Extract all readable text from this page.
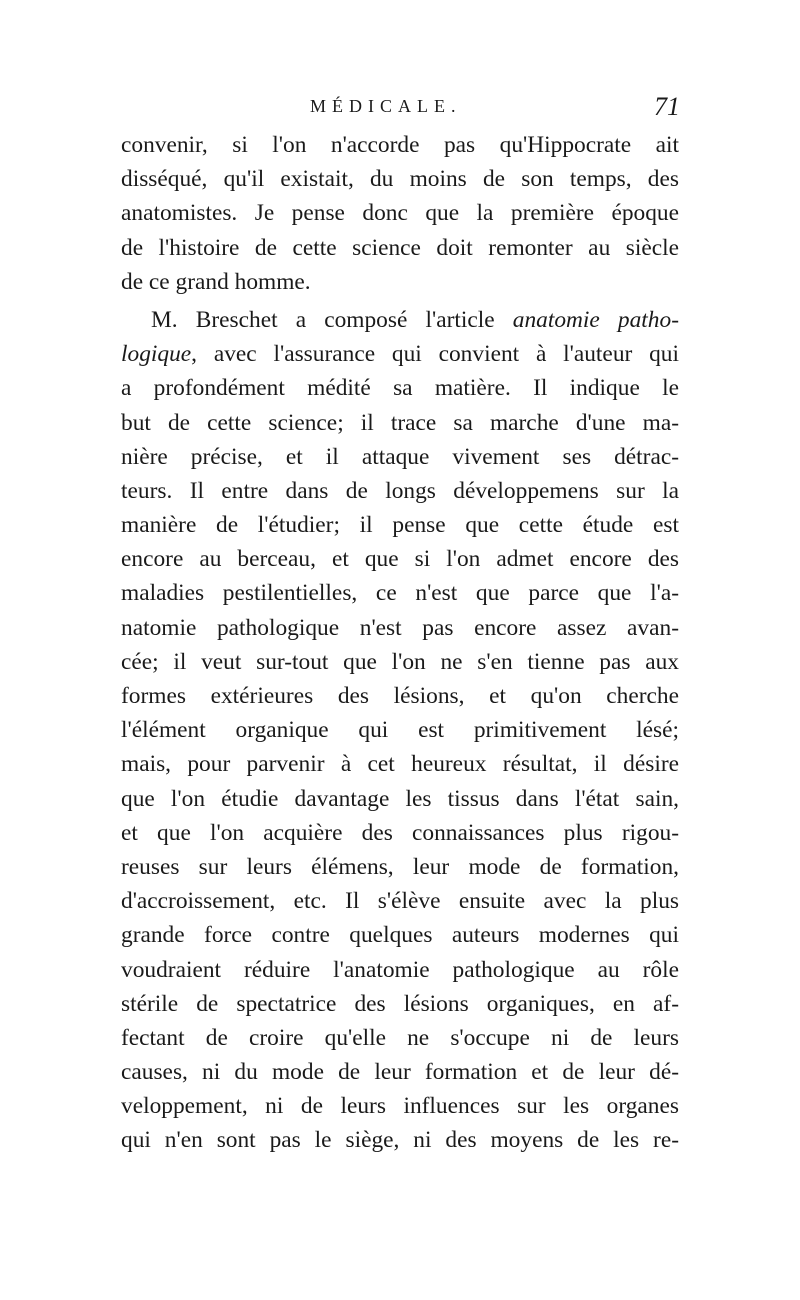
MÉDICALE.	71
convenir, si l'on n'accorde pas qu'Hippocrate ait
disséqué, qu'il existait, du moins de son temps, des
anatomistes. Je pense donc que la première époque
de l'histoire de cette science doit remonter au siècle
de ce grand homme.
M. Breschet a composé l'article anatomie patho-
logique, avec l'assurance qui convient à l'auteur qui
a profondément médité sa matière. Il indique le
but de cette science; il trace sa marche d'une ma-
nière précise, et il attaque vivement ses détrac-
teurs. Il entre dans de longs développemens sur la
manière de l'étudier; il pense que cette étude est
encore au berceau, et que si l'on admet encore des
maladies pestilentielles, ce n'est que parce que l'a-
natomie pathologique n'est pas encore assez avan-
cée; il veut sur-tout que l'on ne s'en tienne pas aux
formes extérieures des lésions, et qu'on cherche
l'élément organique qui est primitivement lésé;
mais, pour parvenir à cet heureux résultat, il désire
que l'on étudie davantage les tissus dans l'état sain,
et que l'on acquière des connaissances plus rigou-
reuses sur leurs élémens, leur mode de formation,
d'accroissement, etc. Il s'élève ensuite avec la plus
grande force contre quelques auteurs modernes qui
voudraient réduire l'anatomie pathologique au rôle
stérile de spectatrice des lésions organiques, en af-
fectant de croire qu'elle ne s'occupe ni de leurs
causes, ni du mode de leur formation et de leur dé-
veloppement, ni de leurs influences sur les organes
qui n'en sont pas le siège, ni des moyens de les re-
